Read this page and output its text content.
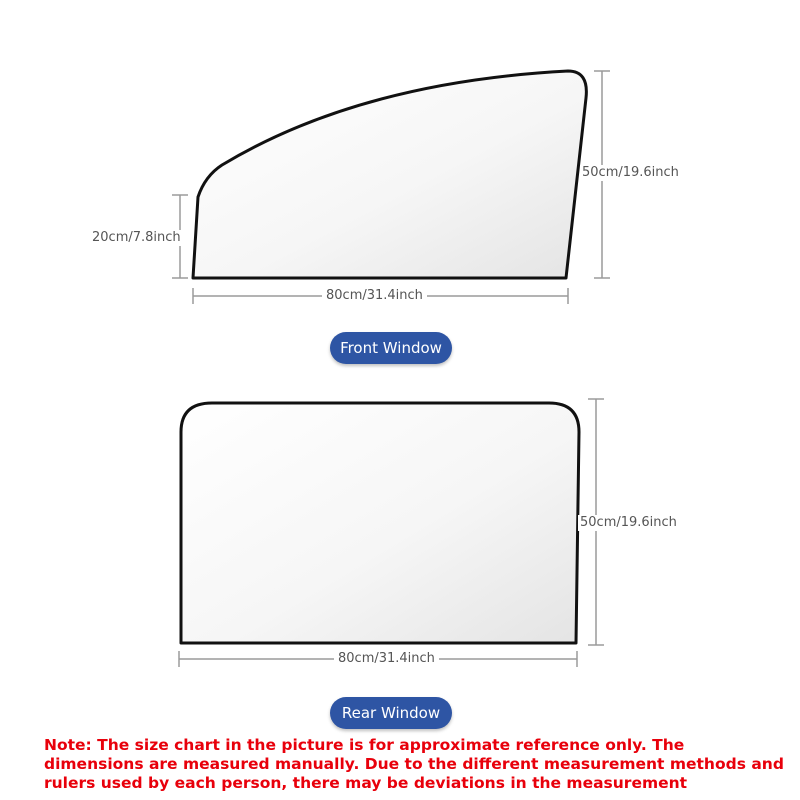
80cm/31.4inch
50cm/19.6inch
20cm/7.8inch
Front Window
80cm/31.4inch
50cm/19.6inch
Rear Window

Note: The size chart in the picture is for approximate reference only. The dimensions are measured manually. Due to the different measurement methods and rulers used by each person, there may be deviations in the measurement
